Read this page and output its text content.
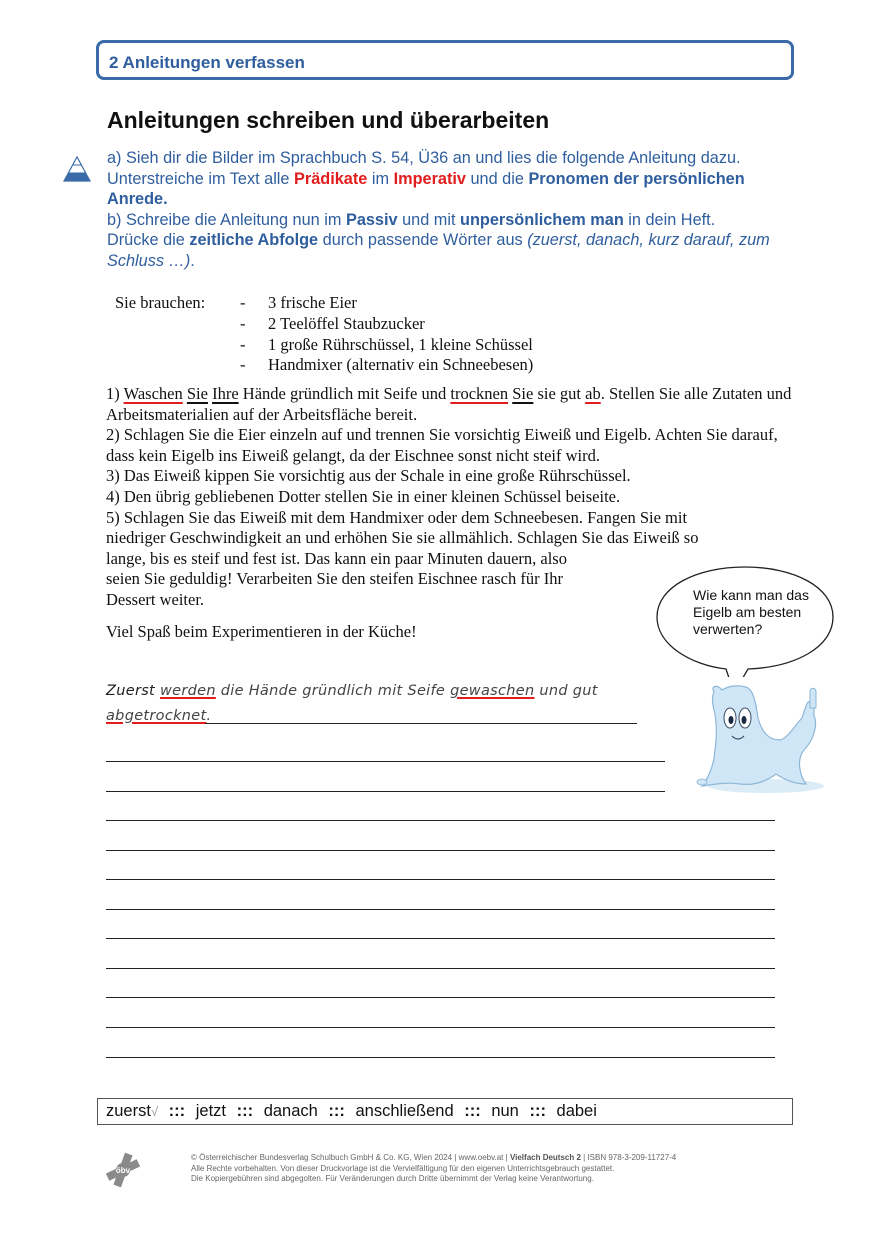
2 Anleitungen verfassen
Anleitungen schreiben und überarbeiten
a) Sieh dir die Bilder im Sprachbuch S. 54, Ü36 an und lies die folgende Anleitung dazu. Unterstreiche im Text alle Prädikate im Imperativ und die Pronomen der persönlichen Anrede.
b) Schreibe die Anleitung nun im Passiv und mit unpersönlichem man in dein Heft.
Drücke die zeitliche Abfolge durch passende Wörter aus (zuerst, danach, kurz darauf, zum Schluss …).
Sie brauchen: - 3 frische Eier
- 2 Teelöffel Staubzucker
- 1 große Rührschüssel, 1 kleine Schüssel
- Handmixer (alternativ ein Schneebesen)

1) Waschen Sie Ihre Hände gründlich mit Seife und trocknen Sie sie gut ab. Stellen Sie alle Zutaten und Arbeitsmaterialien auf der Arbeitsfläche bereit.

2) Schlagen Sie die Eier einzeln auf und trennen Sie vorsichtig Eiweiß und Eigelb. Achten Sie darauf, dass kein Eigelb ins Eiweiß gelangt, da der Eischnee sonst nicht steif wird.

3) Das Eiweiß kippen Sie vorsichtig aus der Schale in eine große Rührschüssel.

4) Den übrig gebliebenen Dotter stellen Sie in einer kleinen Schüssel beiseite.

5) Schlagen Sie das Eiweiß mit dem Handmixer oder dem Schneebesen. Fangen Sie mit
niedriger Geschwindigkeit an und erhöhen Sie sie allmählich. Schlagen Sie das Eiweiß so
lange, bis es steif und fest ist. Das kann ein paar Minuten dauern, also
seien Sie geduldig! Verarbeiten Sie den steifen Eischnee rasch für Ihr
Dessert weiter.

Viel Spaß beim Experimentieren in der Küche!
Wie kann man das Eigelb am besten verwerten?
Zuerst werden die Hände gründlich mit Seife gewaschen und gut
abgetrocknet.
zuerst√ ::: jetzt ::: danach ::: anschließend ::: nun ::: dabei
öbv
© Österreichischer Bundesverlag Schulbuch GmbH & Co. KG, Wien 2024 | www.oebv.at | Vielfach Deutsch 2 | ISBN 978-3-209-11727-4
Alle Rechte vorbehalten. Von dieser Druckvorlage ist die Vervielfältigung für den eigenen Unterrichtsgebrauch gestattet.
Die Kopiergebühren sind abgegolten. Für Veränderungen durch Dritte übernimmt der Verlag keine Verantwortung.
